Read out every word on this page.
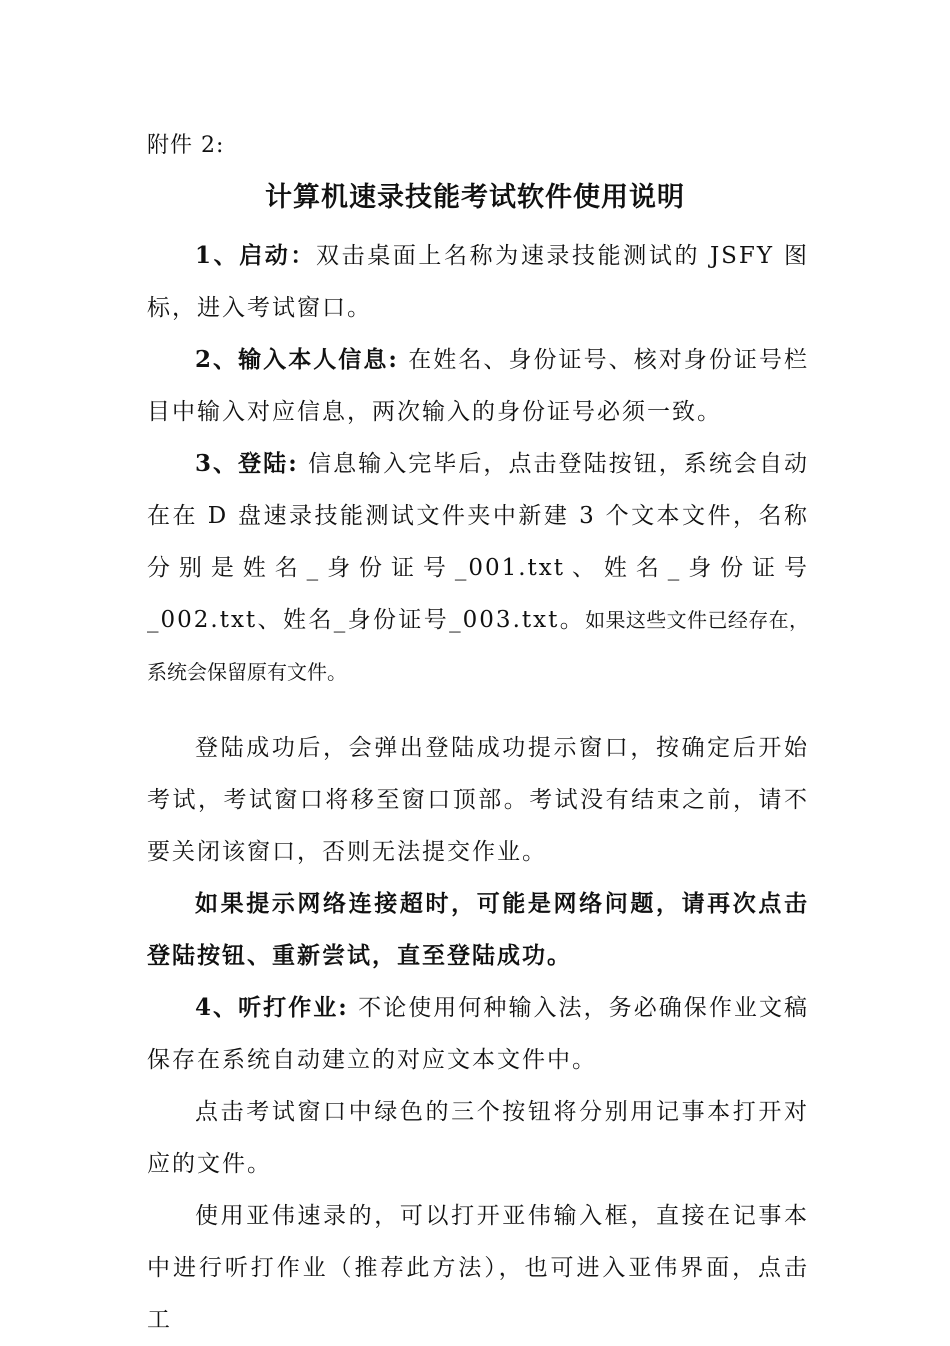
附件 2:
计算机速录技能考试软件使用说明

1、启动：双击桌面上名称为速录技能测试的 JSFY 图标，进入考试窗口。

2、输入本人信息: 在姓名、身份证号、核对身份证号栏目中输入对应信息，两次输入的身份证号必须一致。

3、登陆: 信息输入完毕后，点击登陆按钮，系统会自动在在 D 盘速录技能测试文件夹中新建 3 个文本文件，名称分别是姓名_身份证号_001.txt、姓名_身份证号_002.txt、姓名_身份证号_003.txt。如果这些文件已经存在，系统会保留原有文件。

登陆成功后，会弹出登陆成功提示窗口，按确定后开始考试，考试窗口将移至窗口顶部。考试没有结束之前，请不要关闭该窗口，否则无法提交作业。

如果提示网络连接超时，可能是网络问题，请再次点击登陆按钮、重新尝试，直至登陆成功。

4、听打作业: 不论使用何种输入法，务必确保作业文稿保存在系统自动建立的对应文本文件中。

点击考试窗口中绿色的三个按钮将分别用记事本打开对应的文件。

使用亚伟速录的，可以打开亚伟输入框，直接在记事本中进行听打作业（推荐此方法），也可进入亚伟界面，点击工
